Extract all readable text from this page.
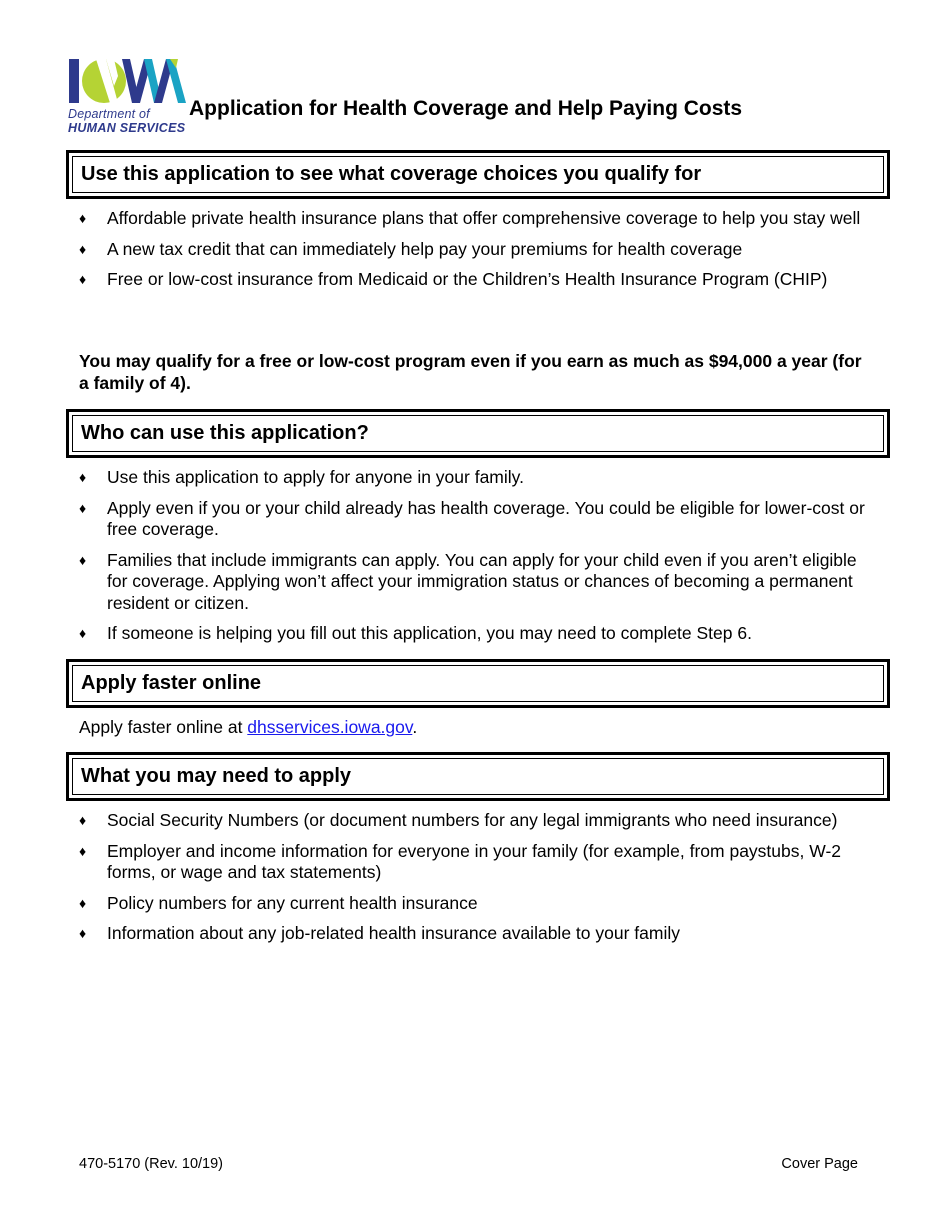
Department of
HUMAN SERVICES
Application for Health Coverage and Help Paying Costs
Use this application to see what coverage choices you qualify for
♦ Affordable private health insurance plans that offer comprehensive coverage to help you stay well
♦ A new tax credit that can immediately help pay your premiums for health coverage
♦ Free or low-cost insurance from Medicaid or the Children’s Health Insurance Program (CHIP)

You may qualify for a free or low-cost program even if you earn as much as $94,000 a year (for a family of 4).

Who can use this application?
♦ Use this application to apply for anyone in your family.
♦ Apply even if you or your child already has health coverage. You could be eligible for lower-cost or free coverage.
♦ Families that include immigrants can apply. You can apply for your child even if you aren’t eligible for coverage. Applying won’t affect your immigration status or chances of becoming a permanent resident or citizen.
♦ If someone is helping you fill out this application, you may need to complete Step 6.
Apply faster online

Apply faster online at dhsservices.iowa.gov.

What you may need to apply
♦ Social Security Numbers (or document numbers for any legal immigrants who need insurance)
♦ Employer and income information for everyone in your family (for example, from paystubs, W-2 forms, or wage and tax statements)
♦ Policy numbers for any current health insurance
♦ Information about any job-related health insurance available to your family
470-5170 (Rev. 10/19)	Cover Page
